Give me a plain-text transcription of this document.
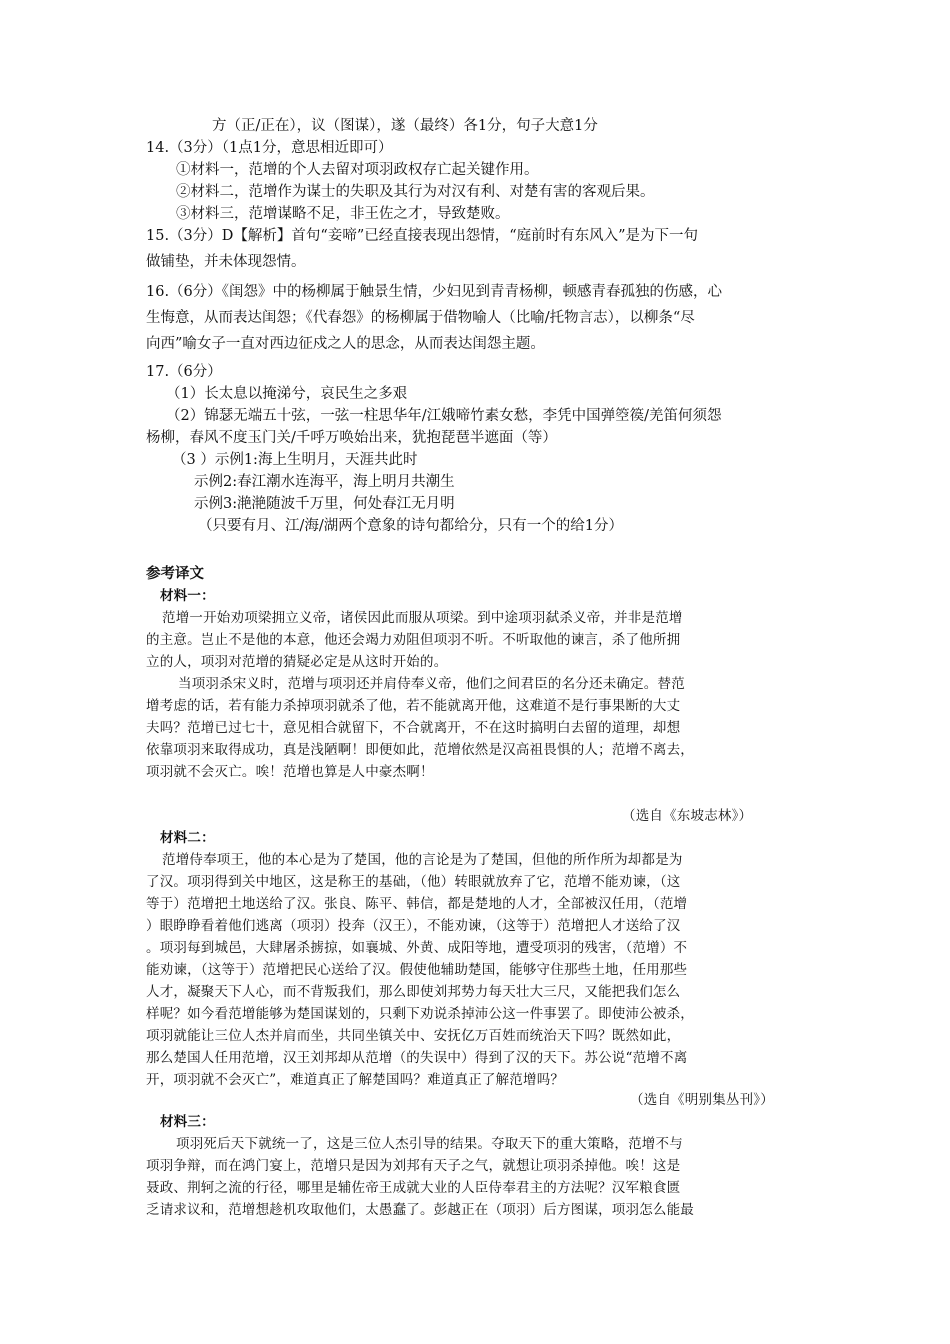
方（正/正在），议（图谋），遂（最终）各1分，句子大意1分
14.（3分）（1点1分，意思相近即可）
①材料一，范增的个人去留对项羽政权存亡起关键作用。
②材料二，范增作为谋士的失职及其行为对汉有利、对楚有害的客观后果。
③材料三，范增谋略不足，非王佐之才，导致楚败。
15.（3分）D【解析】首句“妾啼”已经直接表现出怨情，“庭前时有东风入”是为下一句
做铺垫，并未体现怨情。
16.（6分）《闺怨》中的杨柳属于触景生情，少妇见到青青杨柳，顿感青春孤独的伤感，心
生悔意，从而表达闺怨；《代春怨》的杨柳属于借物喻人（比喻/托物言志），以柳条“尽
向西”喻女子一直对西边征戍之人的思念，从而表达闺怨主题。
17.（6分）
（1）长太息以掩涕兮，哀民生之多艰
（2）锦瑟无端五十弦，一弦一柱思华年/江娥啼竹素女愁，李凭中国弹箜篌/羌笛何须怨
杨柳，春风不度玉门关/千呼万唤始出来，犹抱琵琶半遮面（等）
（3 ）示例1:海上生明月，天涯共此时
示例2:春江潮水连海平，海上明月共潮生
示例3:滟滟随波千万里，何处春江无月明
（只要有月、江/海/湖两个意象的诗句都给分，只有一个的给1分）
参考译文
材料一：
范增一开始劝项梁拥立义帝，诸侯因此而服从项梁。到中途项羽弑杀义帝，并非是范增
的主意。岂止不是他的本意，他还会竭力劝阻但项羽不听。不听取他的谏言，杀了他所拥
立的人，项羽对范增的猜疑必定是从这时开始的。
当项羽杀宋义时，范增与项羽还并肩侍奉义帝，他们之间君臣的名分还未确定。替范
增考虑的话，若有能力杀掉项羽就杀了他，若不能就离开他，这难道不是行事果断的大丈
夫吗？范增已过七十，意见相合就留下，不合就离开，不在这时搞明白去留的道理，却想
依靠项羽来取得成功，真是浅陋啊！即便如此，范增依然是汉高祖畏惧的人；范增不离去，
项羽就不会灭亡。唉！范增也算是人中豪杰啊！
（选自《东坡志林》）
材料二：
范增侍奉项王，他的本心是为了楚国，他的言论是为了楚国，但他的所作所为却都是为
了汉。项羽得到关中地区，这是称王的基础，（他）转眼就放弃了它，范增不能劝谏，（这
等于）范增把土地送给了汉。张良、陈平、韩信，都是楚地的人才，全部被汉任用，（范增
）眼睁睁看着他们逃离（项羽）投奔（汉王），不能劝谏，（这等于）范增把人才送给了汉
。项羽每到城邑，大肆屠杀掳掠，如襄城、外黄、成阳等地，遭受项羽的残害，（范增）不
能劝谏，（这等于）范增把民心送给了汉。假使他辅助楚国，能够守住那些土地，任用那些
人才，凝聚天下人心，而不背叛我们，那么即使刘邦势力每天壮大三尺，又能把我们怎么
样呢？如今看范增能够为楚国谋划的，只剩下劝说杀掉沛公这一件事罢了。即使沛公被杀，
项羽就能让三位人杰并肩而坐，共同坐镇关中、安抚亿万百姓而统治天下吗？既然如此，
那么楚国人任用范增，汉王刘邦却从范增（的失误中）得到了汉的天下。苏公说“范增不离
开，项羽就不会灭亡”，难道真正了解楚国吗？难道真正了解范增吗？
（选自《明别集丛刊》）
材料三：
项羽死后天下就统一了，这是三位人杰引导的结果。夺取天下的重大策略，范增不与
项羽争辩，而在鸿门宴上，范增只是因为刘邦有天子之气，就想让项羽杀掉他。唉！这是
聂政、荆轲之流的行径，哪里是辅佐帝王成就大业的人臣侍奉君主的方法呢？汉军粮食匮
乏请求议和，范增想趁机攻取他们，太愚蠢了。彭越正在（项羽）后方图谋，项羽怎么能最
